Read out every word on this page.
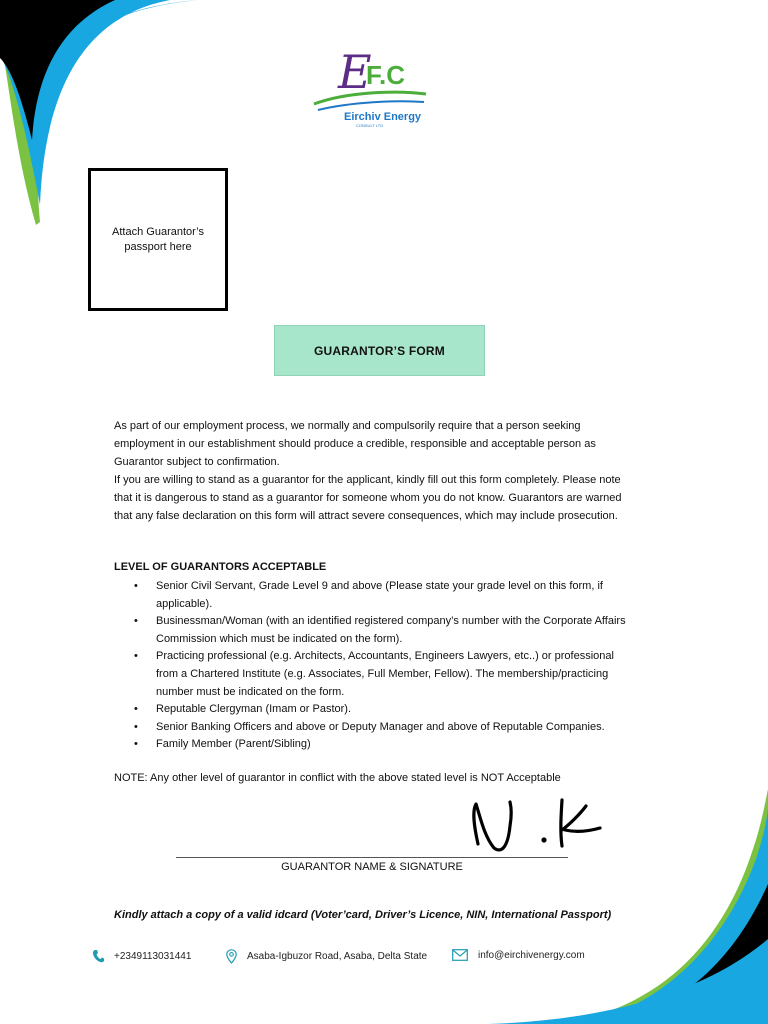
E
F.C
Eirchiv Energy
CONSULT LTD
Attach Guarantor’s passport here
GUARANTOR’S FORM

As part of our employment process, we normally and compulsorily require that a person seeking employment in our establishment should produce a credible, responsible and acceptable person as Guarantor subject to confirmation.

If you are willing to stand as a guarantor for the applicant, kindly fill out this form completely. Please note that it is dangerous to stand as a guarantor for someone whom you do not know. Guarantors are warned that any false declaration on this form will attract severe consequences, which may include prosecution.

LEVEL OF GUARANTORS ACCEPTABLE
• Senior Civil Servant, Grade Level 9 and above (Please state your grade level on this form, if applicable).
• Businessman/Woman (with an identified registered company’s number with the Corporate Affairs Commission which must be indicated on the form).
• Practicing professional (e.g. Architects, Accountants, Engineers Lawyers, etc..) or professional from a Chartered Institute (e.g. Associates, Full Member, Fellow). The membership/practicing number must be indicated on the form.
• Reputable Clergyman (Imam or Pastor).
• Senior Banking Officers and above or Deputy Manager and above of Reputable Companies.
• Family Member (Parent/Sibling)
NOTE: Any other level of guarantor in conflict with the above stated level is NOT Acceptable
GUARANTOR NAME & SIGNATURE
Kindly attach a copy of a valid idcard (Voter’card, Driver’s Licence, NIN, International Passport)
+2349113031441	Asaba-Igbuzor Road, Asaba, Delta State	info@eirchivenergy.com
